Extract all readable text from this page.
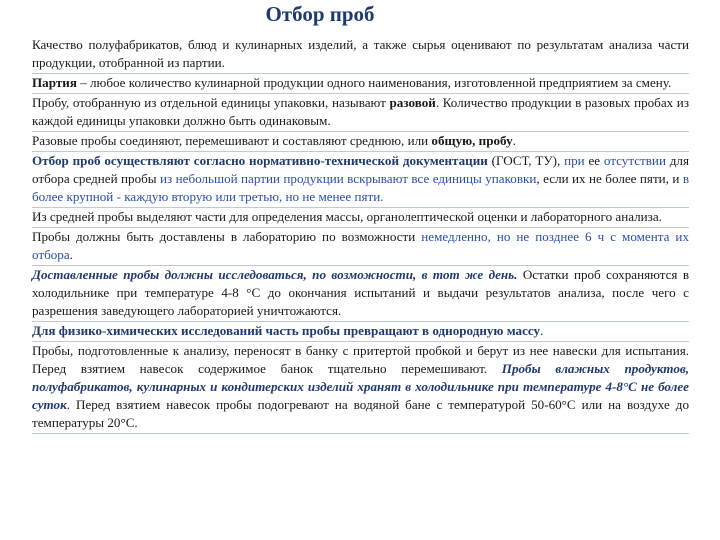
Отбор проб
Качество полуфабрикатов, блюд и кулинарных изделий, а также сырья оценивают по результатам анализа части продукции, отобранной из партии.
Партия – любое количество кулинарной продукции одного наименования, изготовленной предприятием за смену.
Пробу, отобранную из отдельной единицы упаковки, называют разовой. Количество продукции в разовых пробах из каждой единицы упаковки должно быть одинаковым.
Разовые пробы соединяют, перемешивают и составляют среднюю, или общую, пробу.
Отбор проб осуществляют согласно нормативно-технической документации (ГОСТ, ТУ), при ее отсутствии для отбора средней пробы из небольшой партии продукции вскрывают все единицы упаковки, если их не более пяти, и в более крупной - каждую вторую или третью, но не менее пяти.
Из средней пробы выделяют части для определения массы, органолептической оценки и лабораторного анализа.
Пробы должны быть доставлены в лабораторию по возможности немедленно, но не позднее 6 ч с момента их отбора.
Доставленные пробы должны исследоваться, по возможности, в тот же день. Остатки проб сохраняются в холодильнике при температуре 4-8 °С до окончания испытаний и выдачи результатов анализа, после чего с разрешения заведующего лабораторией уничтожаются.
Для физико-химических исследований часть пробы превращают в однородную массу.
Пробы, подготовленные к анализу, переносят в банку с притертой пробкой и берут из нее навески для испытания. Перед взятием навесок содержимое банок тщательно перемешивают. Пробы влажных продуктов, полуфабрикатов, кулинарных и кондитерских изделий хранят в холодильнике при температуре 4-8°С не более суток. Перед взятием навесок пробы подогревают на водяной бане с температурой 50-60°С или на воздухе до температуры 20°С.
